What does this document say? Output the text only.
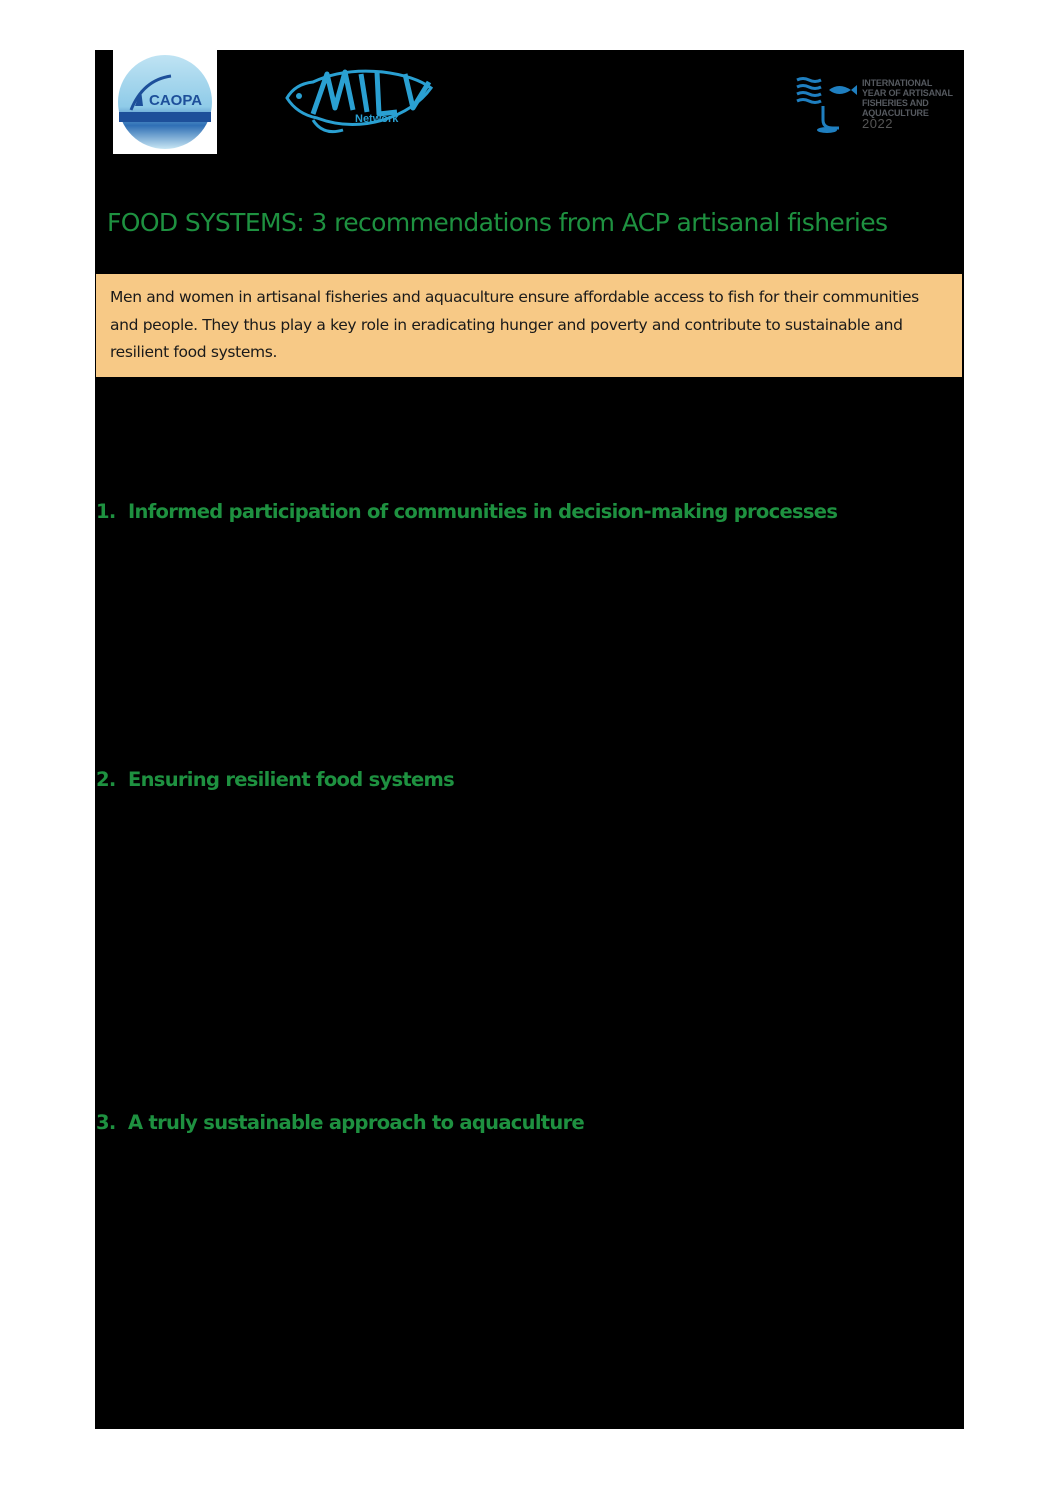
CAOPA
Network
INTERNATIONAL YEAR OF ARTISANAL FISHERIES AND AQUACULTURE
2022
FOOD SYSTEMS: 3 recommendations from ACP artisanal fisheries
Men and women in artisanal fisheries and aquaculture ensure affordable access to fish for their communities and people. They thus play a key role in eradicating hunger and poverty and contribute to sustainable and resilient food systems.
1. Informed participation of communities in decision-making processes
2. Ensuring resilient food systems
3. A truly sustainable approach to aquaculture
